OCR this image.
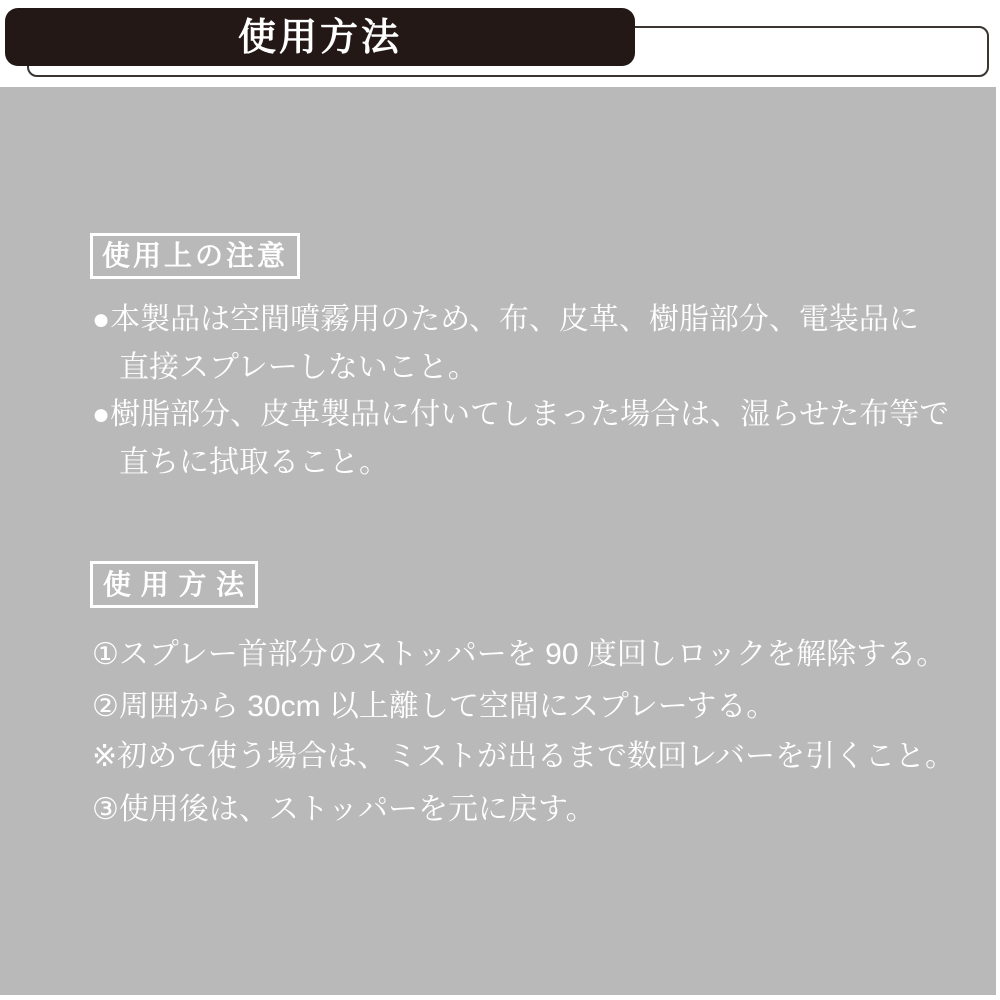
使用方法
使用上の注意
●本製品は空間噴霧用のため、布、皮革、樹脂部分、電装品に
直接スプレーしないこと。
●樹脂部分、皮革製品に付いてしまった場合は、湿らせた布等で
直ちに拭取ること。
使 用 方 法
①スプレー首部分のストッパーを 90 度回しロックを解除する。
②周囲から 30cm 以上離して空間にスプレーする。
※初めて使う場合は、ミストが出るまで数回レバーを引くこと。
③使用後は、ストッパーを元に戻す。
